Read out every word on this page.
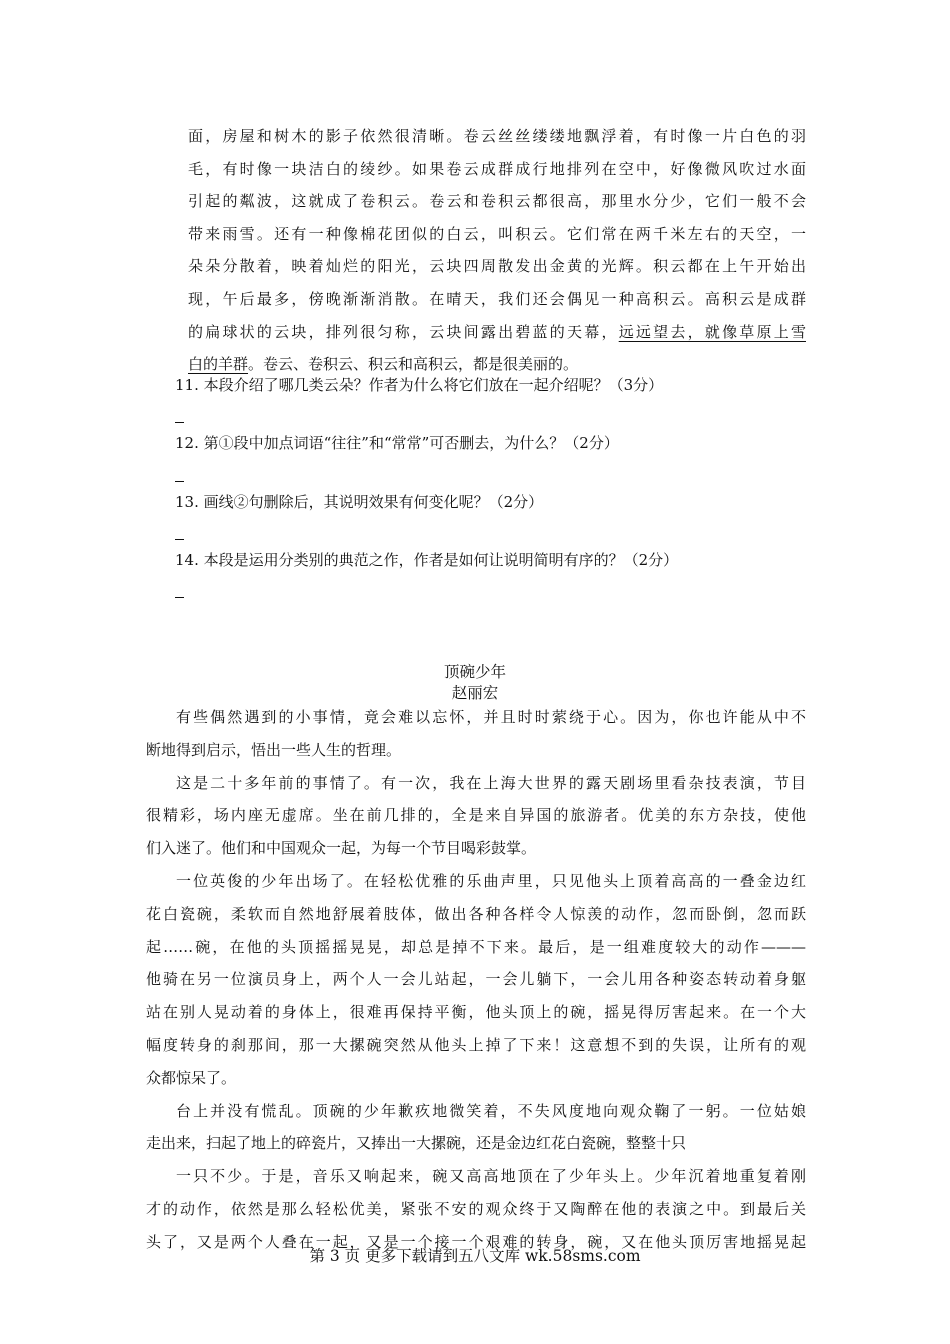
面，房屋和树木的影子依然很清晰。卷云丝丝缕缕地飘浮着，有时像一片白色的羽
毛，有时像一块洁白的绫纱。如果卷云成群成行地排列在空中，好像微风吹过水面
引起的粼波，这就成了卷积云。卷云和卷积云都很高，那里水分少，它们一般不会
带来雨雪。还有一种像棉花团似的白云，叫积云。它们常在两千米左右的天空，一
朵朵分散着，映着灿烂的阳光，云块四周散发出金黄的光辉。积云都在上午开始出
现，午后最多，傍晚渐渐消散。在晴天，我们还会偶见一种高积云。高积云是成群
的扁球状的云块，排列很匀称，云块间露出碧蓝的天幕，远远望去，就像草原上雪
白的羊群。卷云、卷积云、积云和高积云，都是很美丽的。
11. 本段介绍了哪几类云朵？作者为什么将它们放在一起介绍呢？（3分）
12. 第①段中加点词语“往往”和“常常”可否删去，为什么？（2分）
13. 画线②句删除后，其说明效果有何变化呢？（2分）
14. 本段是运用分类别的典范之作，作者是如何让说明简明有序的？（2分）
顶碗少年
赵丽宏
有些偶然遇到的小事情，竟会难以忘怀，并且时时萦绕于心。因为，你也许能从中不
断地得到启示，悟出一些人生的哲理。
这是二十多年前的事情了。有一次，我在上海大世界的露天剧场里看杂技表演，节目
很精彩，场内座无虚席。坐在前几排的，全是来自异国的旅游者。优美的东方杂技，使他
们入迷了。他们和中国观众一起，为每一个节目喝彩鼓掌。
一位英俊的少年出场了。在轻松优雅的乐曲声里，只见他头上顶着高高的一叠金边红
花白瓷碗，柔软而自然地舒展着肢体，做出各种各样令人惊羡的动作，忽而卧倒，忽而跃
起……碗，在他的头顶摇摇晃晃，却总是掉不下来。最后，是一组难度较大的动作———
他骑在另一位演员身上，两个人一会儿站起，一会儿躺下，一会儿用各种姿态转动着身躯
站在别人晃动着的身体上，很难再保持平衡，他头顶上的碗，摇晃得厉害起来。在一个大
幅度转身的刹那间，那一大摞碗突然从他头上掉了下来！这意想不到的失误，让所有的观
众都惊呆了。
台上并没有慌乱。顶碗的少年歉疚地微笑着，不失风度地向观众鞠了一躬。一位姑娘
走出来，扫起了地上的碎瓷片，又捧出一大摞碗，还是金边红花白瓷碗，整整十只
一只不少。于是，音乐又响起来，碗又高高地顶在了少年头上。少年沉着地重复着刚
才的动作，依然是那么轻松优美，紧张不安的观众终于又陶醉在他的表演之中。到最后关
头了，又是两个人叠在一起，又是一个接一个艰难的转身，碗，又在他头顶厉害地摇晃起
第 3 页 更多下载请到五八文库 wk.58sms.com
